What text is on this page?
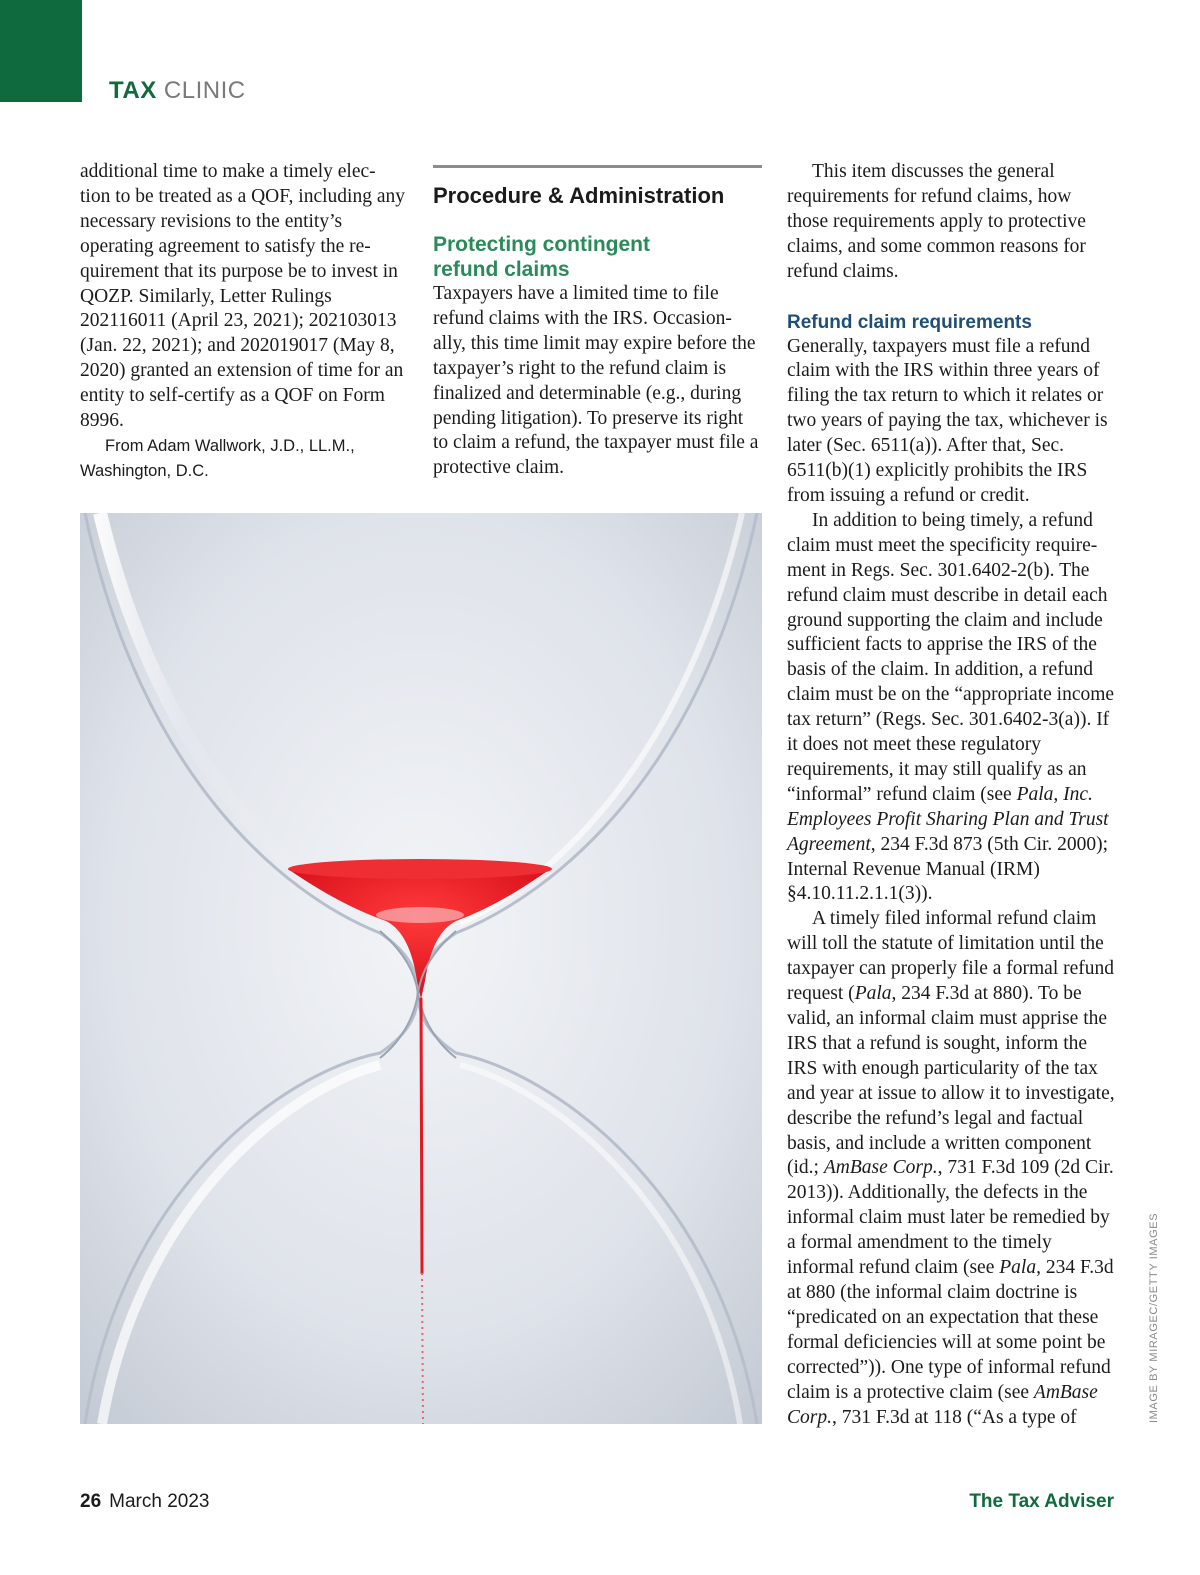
TAX CLINIC

additional time to make a timely elec- tion to be treated as a QOF, including any necessary revisions to the entity’s operating agreement to satisfy the re- quirement that its purpose be to invest in QOZP. Similarly, Letter Rulings 202116011 (April 23, 2021); 202103013 (Jan. 22, 2021); and 202019017 (May 8, 2020) granted an extension of time for an entity to self-certify as a QOF on Form 8996.

From Adam Wallwork, J.D., LL.M.,
Washington, D.C.

Procedure & Administration
Protecting contingent
refund claims

Taxpayers have a limited time to file refund claims with the IRS. Occasion- ally, this time limit may expire before the taxpayer’s right to the refund claim is finalized and determinable (e.g., during pending litigation). To preserve its right to claim a refund, the taxpayer must file a protective claim.

This item discusses the general requirements for refund claims, how those requirements apply to protective claims, and some common reasons for refund claims.

Refund claim requirements

Generally, taxpayers must file a refund claim with the IRS within three years of filing the tax return to which it relates or two years of paying the tax, whichever is later (Sec. 6511(a)). After that, Sec. 6511(b)(1) explicitly prohibits the IRS from issuing a refund or credit.

In addition to being timely, a refund claim must meet the specificity require- ment in Regs. Sec. 301.6402-2(b). The refund claim must describe in detail each ground supporting the claim and include sufficient facts to apprise the IRS of the basis of the claim. In addition, a refund claim must be on the “appropriate income tax return” (Regs. Sec. 301.6402-3(a)). If it does not meet these regulatory requirements, it may still qualify as an “informal” refund claim (see Pala, Inc. Employees Profit Sharing Plan and Trust Agreement, 234 F.3d 873 (5th Cir. 2000); Internal Revenue Manual (IRM) §4.10.11.2.1.1(3)).

A timely filed informal refund claim will toll the statute of limitation until the taxpayer can properly file a formal refund request (Pala, 234 F.3d at 880). To be valid, an informal claim must apprise the IRS that a refund is sought, inform the IRS with enough particularity of the tax and year at issue to allow it to investigate, describe the refund’s legal and factual basis, and include a written component (id.; AmBase Corp., 731 F.3d 109 (2d Cir. 2013)). Additionally, the defects in the informal claim must later be remedied by a formal amendment to the timely informal refund claim (see Pala, 234 F.3d at 880 (the informal claim doctrine is “predicated on an expectation that these formal deficiencies will at some point be corrected”)). One type of informal refund claim is a protective claim (see AmBase Corp., 731 F.3d at 118 (“As a type of	IMAGE BY MIRAGEC/GETTY IMAGES
26 March 2023	The Tax Adviser
